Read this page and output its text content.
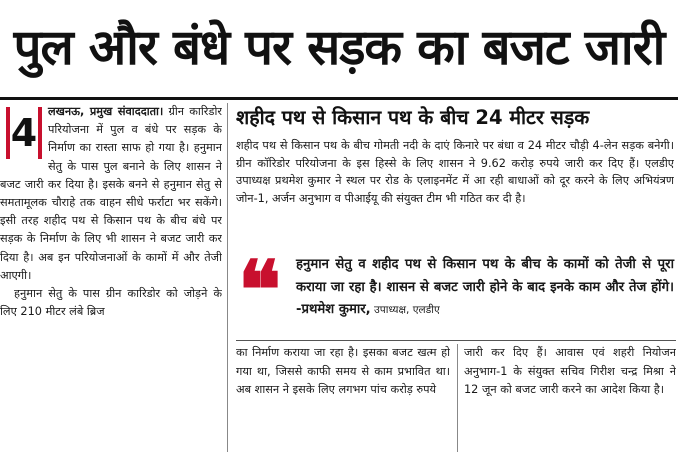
पुल और बंधे पर सड़क का बजट जारी

लखनऊ, प्रमुख संवाददाता।
4	ग्रीन कारिडोर परियोजना में पुल व बंधे पर सड़क के निर्माण का रास्ता साफ हो गया है। हनुमान सेतु के पास पुल बनाने के लिए शासन ने बजट जारी कर दिया है। इसके बनने से हनुमान सेतु से समतामूलक चौराहे तक वाहन सीधे फर्राटा भर सकेंगे। इसी तरह शहीद पथ से किसान पथ के बीच बंधे पर सड़क के निर्माण के लिए भी शासन ने बजट जारी कर दिया है। अब इन परियोजनाओं के कामों में और तेजी आएगी।

हनुमान सेतु के पास ग्रीन कारिडोर को जोड़ने के लिए 210 मीटर लंबे ब्रिज

शहीद पथ से किसान पथ के बीच 24 मीटर सड़क
शहीद पथ से किसान पथ के बीच गोमती नदी के दाएं किनारे पर बंधा व 24 मीटर चौड़ी 4-लेन सड़क बनेगी। ग्रीन कॉरिडोर परियोजना के इस हिस्से के लिए शासन ने 9.62 करोड़ रुपये जारी कर दिए हैं। एलडीए उपाध्यक्ष प्रथमेश कुमार ने स्थल पर रोड के एलाइनमेंट में आ रही बाधाओं को दूर करने के लिए अभियंत्रण जोन-1, अर्जन अनुभाग व पीआईयू की संयुक्त टीम भी गठित कर दी है।
❝ हनुमान सेतु व शहीद पथ से किसान पथ के बीच के कामों को तेजी से पूरा कराया जा रहा है। शासन से बजट जारी होने के बाद इनके काम और तेज होंगे। -प्रथमेश कुमार, उपाध्यक्ष, एलडीए
का निर्माण कराया जा रहा है। इसका बजट खत्म हो गया था, जिससे काफी समय से काम प्रभावित था। अब शासन ने इसके लिए लगभग पांच करोड़ रुपये
जारी कर दिए हैं। आवास एवं शहरी नियोजन अनुभाग-1 के संयुक्त सचिव गिरीश चन्द्र मिश्रा ने 12 जून को बजट जारी करने का आदेश किया है।
